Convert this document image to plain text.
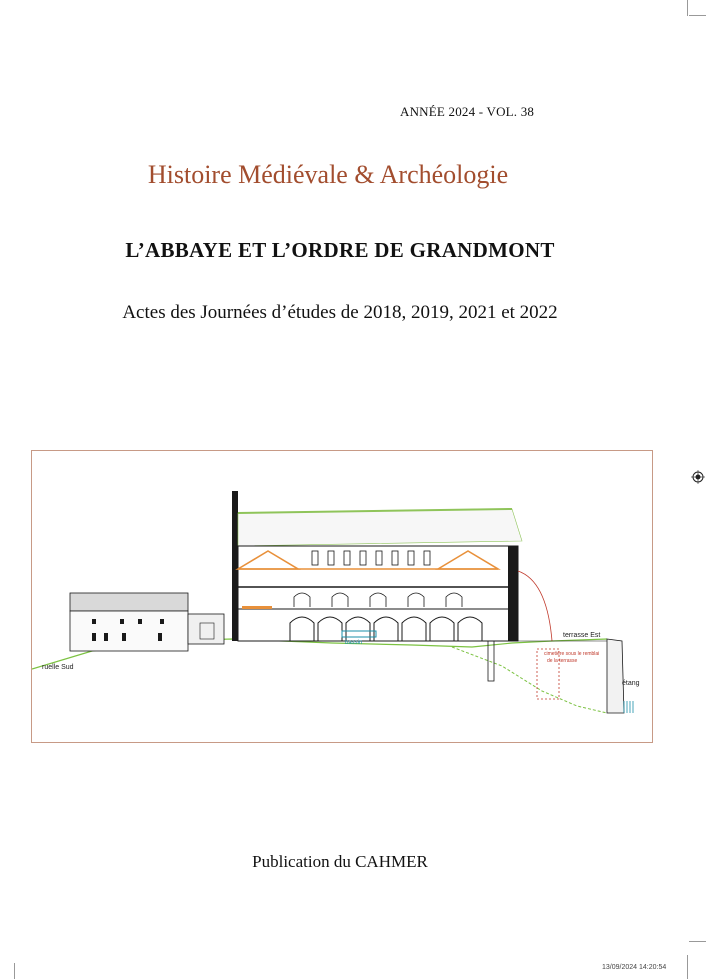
ANNÉE 2024 - VOL. 38
Histoire Médiévale & Archéologie
L’ABBAYE ET L’ORDRE DE GRANDMONT
Actes des Journées d’études de 2018, 2019, 2021 et 2022
ruelle Sud
bassin
terrasse Est
cimetière sous le remblai
de la terrasse
étang
Publication du CAHMER
13/09/2024 14:20:54
